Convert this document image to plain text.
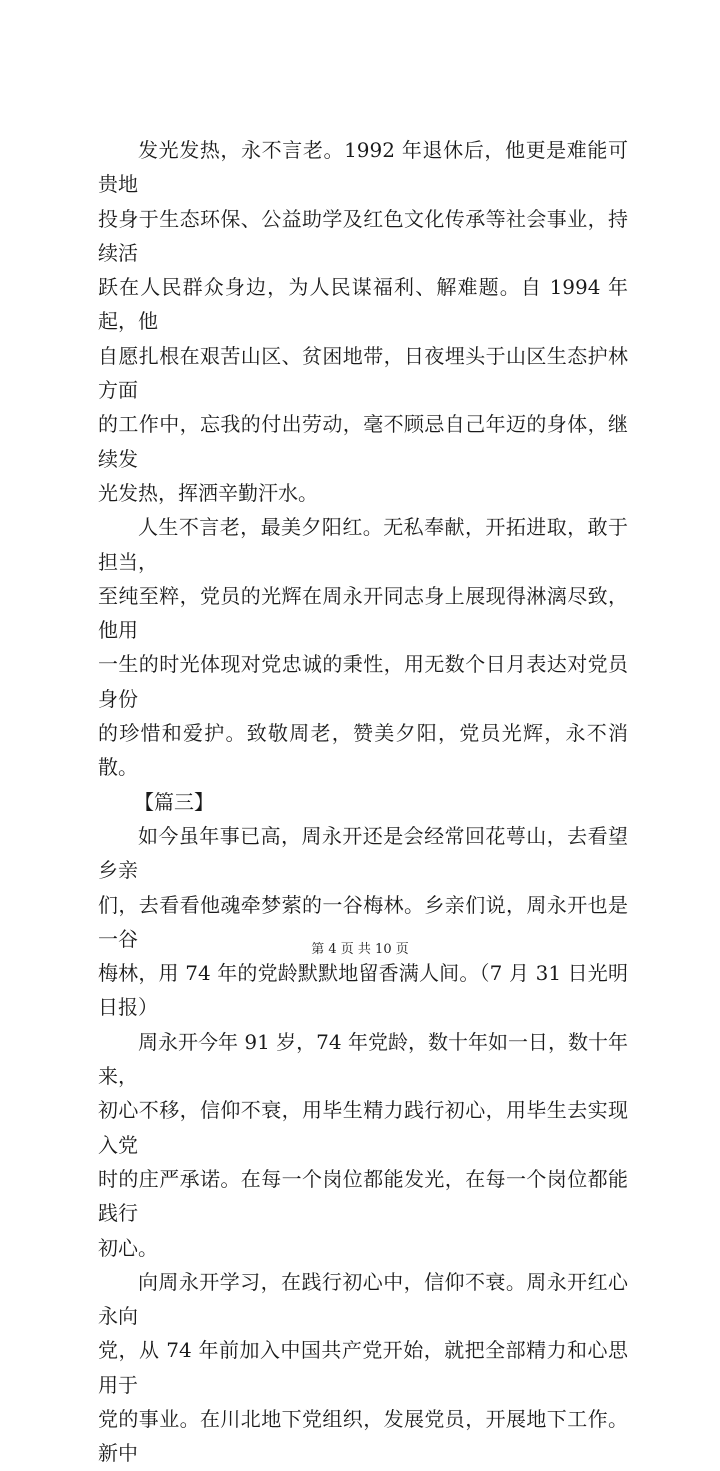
发光发热，永不言老。1992 年退休后，他更是难能可贵地
投身于生态环保、公益助学及红色文化传承等社会事业，持续活
跃在人民群众身边，为人民谋福利、解难题。自 1994 年起，他
自愿扎根在艰苦山区、贫困地带，日夜埋头于山区生态护林方面
的工作中，忘我的付出劳动，毫不顾忌自己年迈的身体，继续发
光发热，挥洒辛勤汗水。

人生不言老，最美夕阳红。无私奉献，开拓进取，敢于担当，
至纯至粹，党员的光辉在周永开同志身上展现得淋漓尽致，他用
一生的时光体现对党忠诚的秉性，用无数个日月表达对党员身份
的珍惜和爱护。致敬周老，赞美夕阳，党员光辉，永不消散。

【篇三】

如今虽年事已高，周永开还是会经常回花萼山，去看望乡亲
们，去看看他魂牵梦萦的一谷梅林。乡亲们说，周永开也是一谷
梅林，用 74 年的党龄默默地留香满人间。（7 月 31 日光明日报）

周永开今年 91 岁，74 年党龄，数十年如一日，数十年来，
初心不移，信仰不衰，用毕生精力践行初心，用毕生去实现入党
时的庄严承诺。在每一个岗位都能发光，在每一个岗位都能践行
初心。

向周永开学习，在践行初心中，信仰不衰。周永开红心永向
党，从 74 年前加入中国共产党开始，就把全部精力和心思用于
党的事业。在川北地下党组织，发展党员，开展地下工作。新中

第 4 页 共 10 页
